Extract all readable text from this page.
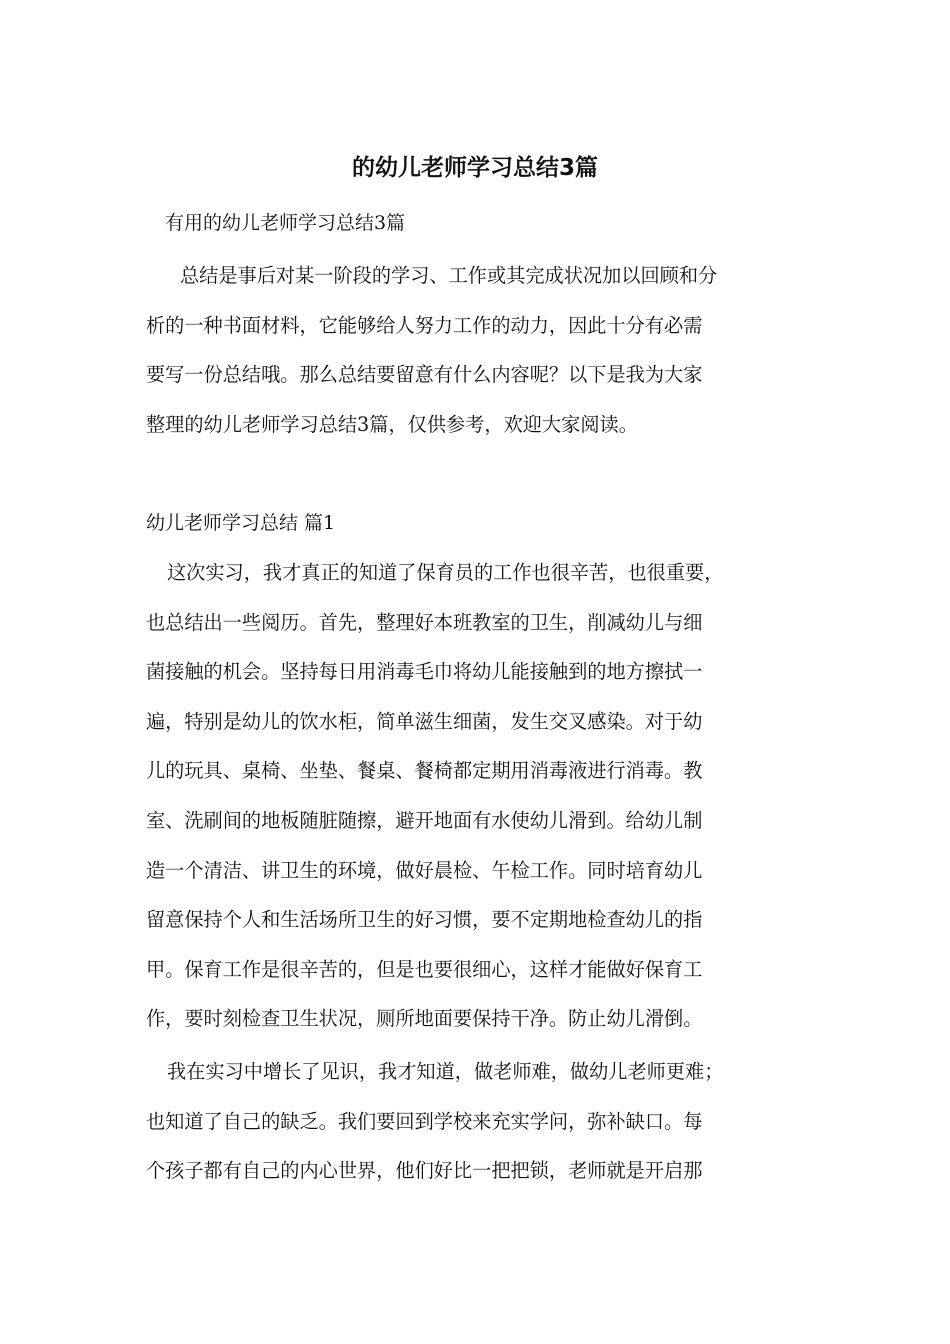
的幼儿老师学习总结3篇

有用的幼儿老师学习总结3篇

总结是事后对某一阶段的学习、工作或其完成状况加以回顾和分
析的一种书面材料，它能够给人努力工作的动力，因此十分有必需
要写一份总结哦。那么总结要留意有什么内容呢？以下是我为大家
整理的幼儿老师学习总结3篇，仅供参考，欢迎大家阅读。

幼儿老师学习总结 篇1

这次实习，我才真正的知道了保育员的工作也很辛苦，也很重要，
也总结出一些阅历。首先，整理好本班教室的卫生，削减幼儿与细
菌接触的机会。坚持每日用消毒毛巾将幼儿能接触到的地方擦拭一
遍，特别是幼儿的饮水柜，简单滋生细菌，发生交叉感染。对于幼
儿的玩具、桌椅、坐垫、餐桌、餐椅都定期用消毒液进行消毒。教
室、洗刷间的地板随脏随擦，避开地面有水使幼儿滑到。给幼儿制
造一个清洁、讲卫生的环境，做好晨检、午检工作。同时培育幼儿
留意保持个人和生活场所卫生的好习惯，要不定期地检查幼儿的指
甲。保育工作是很辛苦的，但是也要很细心，这样才能做好保育工
作，要时刻检查卫生状况，厕所地面要保持干净。防止幼儿滑倒。
我在实习中增长了见识，我才知道，做老师难，做幼儿老师更难；
也知道了自己的缺乏。我们要回到学校来充实学问，弥补缺口。每
个孩子都有自己的内心世界，他们好比一把把锁，老师就是开启那
